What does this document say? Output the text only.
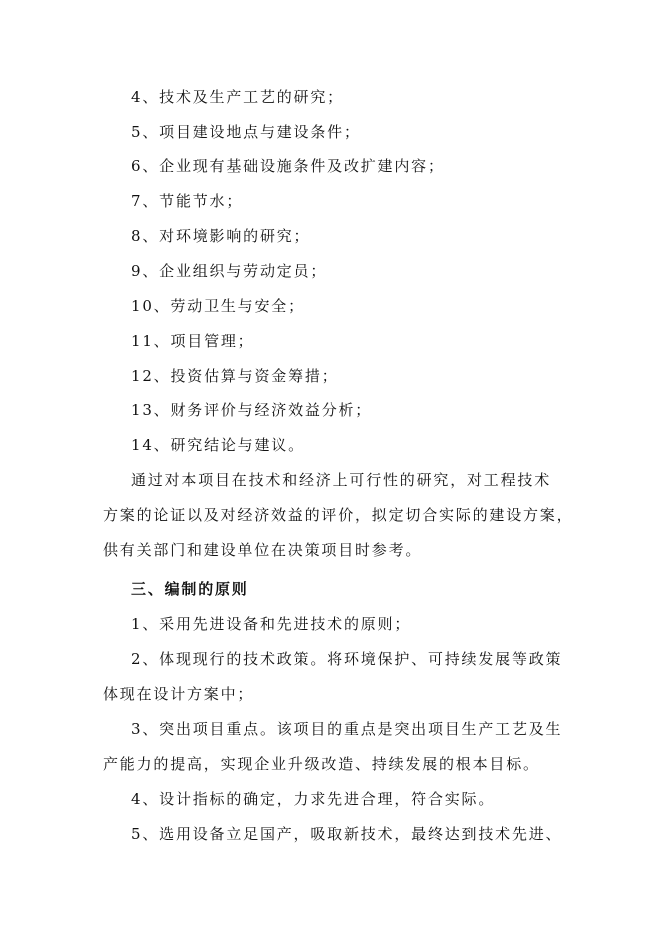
4、技术及生产工艺的研究；
5、项目建设地点与建设条件；
6、企业现有基础设施条件及改扩建内容；
7、节能节水；
8、对环境影响的研究；
9、企业组织与劳动定员；
10、劳动卫生与安全；
11、项目管理；
12、投资估算与资金筹措；
13、财务评价与经济效益分析；
14、研究结论与建议。
通过对本项目在技术和经济上可行性的研究，对工程技术
方案的论证以及对经济效益的评价，拟定切合实际的建设方案，
供有关部门和建设单位在决策项目时参考。
三、编制的原则
1、采用先进设备和先进技术的原则；
2、体现现行的技术政策。将环境保护、可持续发展等政策
体现在设计方案中；
3、突出项目重点。该项目的重点是突出项目生产工艺及生
产能力的提高，实现企业升级改造、持续发展的根本目标。
4、设计指标的确定，力求先进合理，符合实际。
5、选用设备立足国产，吸取新技术，最终达到技术先进、
